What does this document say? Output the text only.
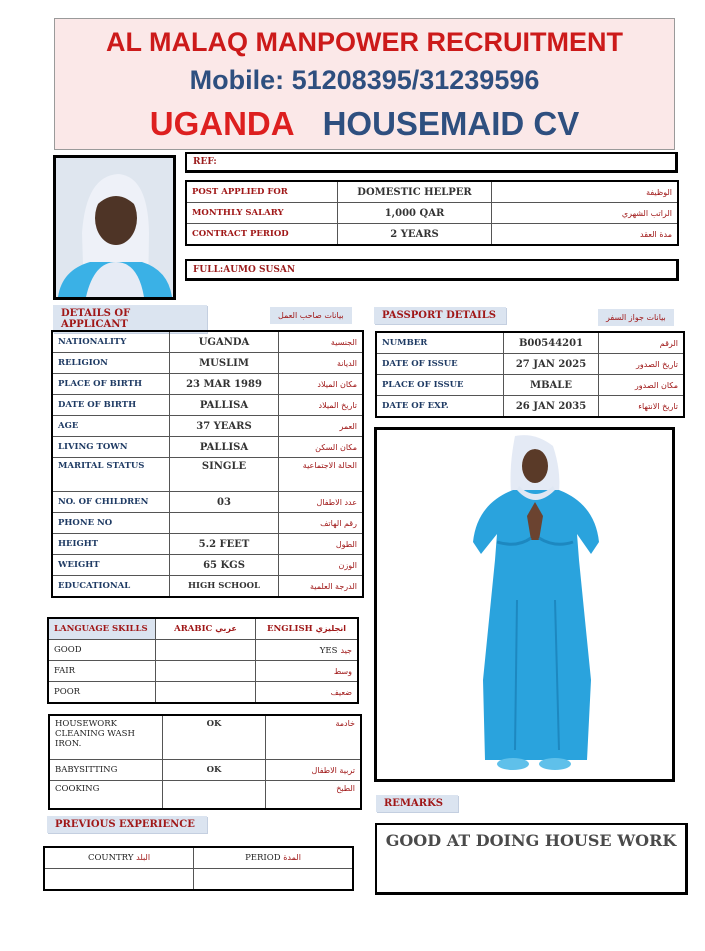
AL MALAQ MANPOWER RECRUITMENT
Mobile: 51208395/31239596
UGANDA HOUSEMAID CV
REF:
POST APPLIED FOR	DOMESTIC HELPER	الوظيفة
MONTHLY SALARY	1,000 QAR	الراتب الشهري
CONTRACT PERIOD	2 YEARS	مدة العقد
FULL:AUMO SUSAN
DETAILS OF APPLICANT
بيانات صاحب العمل
NATIONALITY	UGANDA	الجنسية
RELIGION	MUSLIM	الديانة
PLACE OF BIRTH	23 MAR 1989	مكان الميلاد
DATE OF BIRTH	PALLISA	تاريخ الميلاد
AGE	37 YEARS	العمر
LIVING TOWN	PALLISA	مكان السكن
MARITAL STATUS	SINGLE	الحالة الاجتماعية
NO. OF CHILDREN	03	عدد الاطفال
PHONE NO		رقم الهاتف
HEIGHT	5.2 FEET	الطول
WEIGHT	65 KGS	الوزن
EDUCATIONAL	HIGH SCHOOL	الدرجة العلمية
PASSPORT DETAILS	بيانات جواز السفر
NUMBER	B00544201	الرقم
DATE OF ISSUE	27 JAN 2025	تاريخ الصدور
PLACE OF ISSUE	MBALE	مكان الصدور
DATE OF EXP.	26 JAN 2035	تاريخ الانتهاء
LANGUAGE SKILLS	ARABIC عربي	ENGLISH انجليزي
GOOD		YES جيد
FAIR		وسط
POOR		ضعيف
HOUSEWORK
CLEANING WASH
IRON.	OK	خادمة
BABYSITTING	OK	تربية الاطفال
COOKING		الطبخ
PREVIOUS EXPERIENCE
COUNTRY البلد	PERIOD المدة

REMARKS
GOOD AT DOING HOUSE WORK
